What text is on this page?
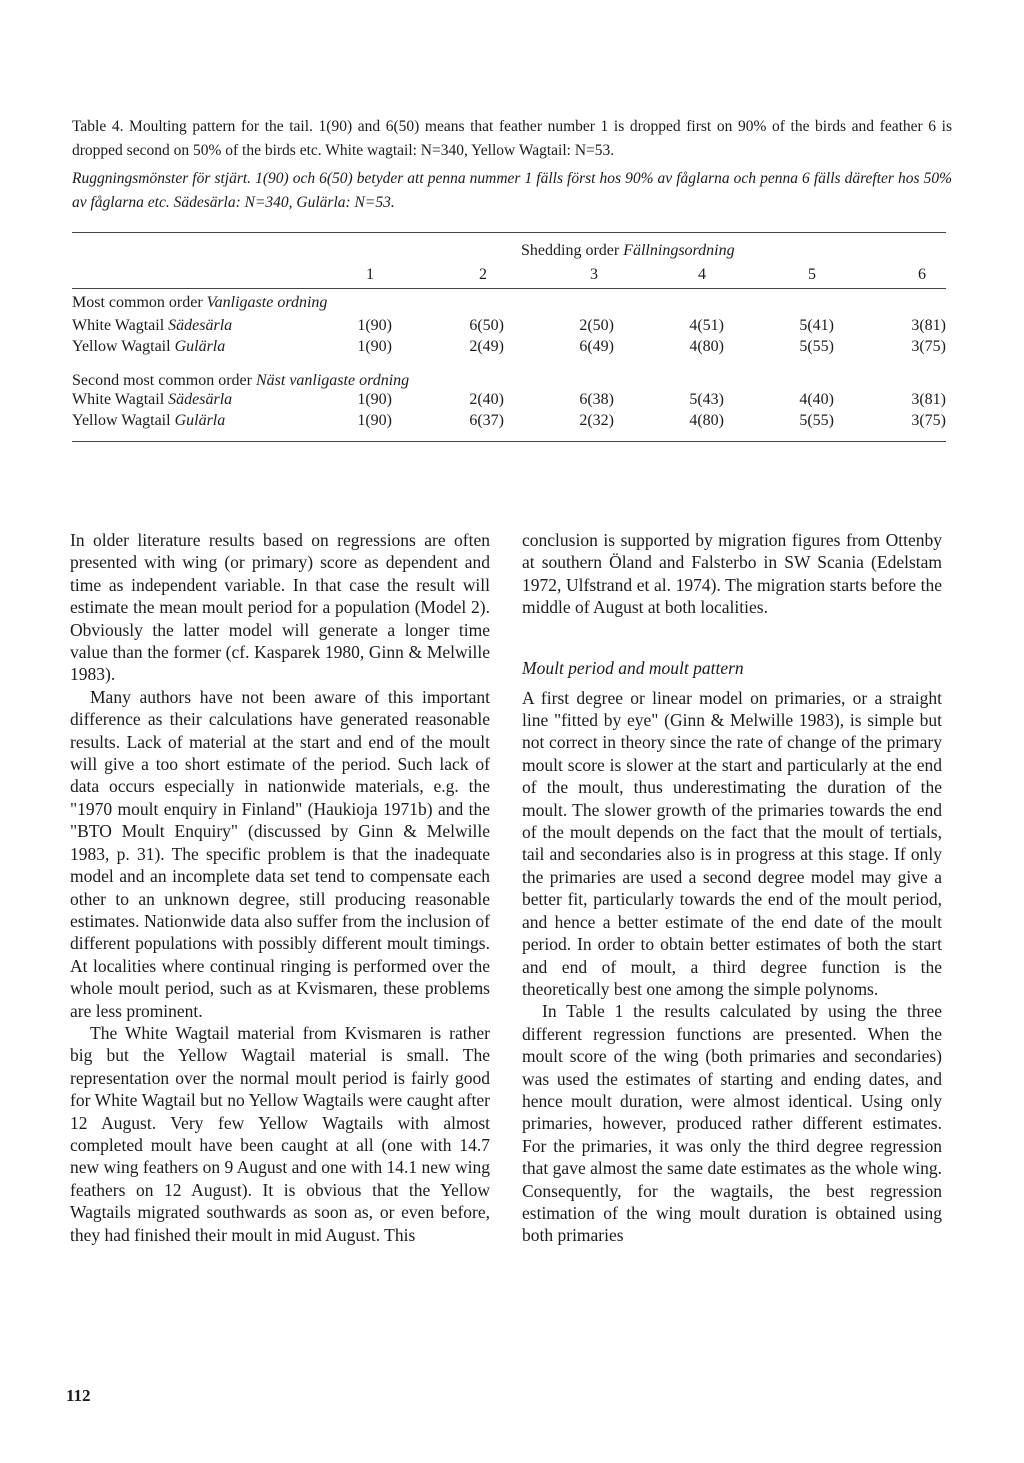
Table 4. Moulting pattern for the tail. 1(90) and 6(50) means that feather number 1 is dropped first on 90% of the birds and feather 6 is dropped second on 50% of the birds etc. White wagtail: N=340, Yellow Wagtail: N=53.

Ruggningsmönster för stjärt. 1(90) och 6(50) betyder att penna nummer 1 fälls först hos 90% av fåglarna och penna 6 fälls därefter hos 50% av fåglarna etc. Sädesärla: N=340, Gulärla: N=53.

Shedding order Fällningsordning
1	2	3	4	5	6
Most common order Vanligaste ordning
White Wagtail Sädesärla	1(90)	6(50)	2(50)	4(51)	5(41)	3(81)
Yellow Wagtail Gulärla	1(90)	2(49)	6(49)	4(80)	5(55)	3(75)
Second most common order Näst vanligaste ordning
White Wagtail Sädesärla	1(90)	2(40)	6(38)	5(43)	4(40)	3(81)
Yellow Wagtail Gulärla	1(90)	6(37)	2(32)	4(80)	5(55)	3(75)

In older literature results based on regressions are often presented with wing (or primary) score as dependent and time as independent variable. In that case the result will estimate the mean moult period for a population (Model 2). Obviously the latter model will generate a longer time value than the former (cf. Kasparek 1980, Ginn & Melwille 1983).

Many authors have not been aware of this important difference as their calculations have generated reasonable results. Lack of material at the start and end of the moult will give a too short estimate of the period. Such lack of data occurs especially in nationwide materials, e.g. the "1970 moult enquiry in Finland" (Haukioja 1971b) and the "BTO Moult Enquiry" (discussed by Ginn & Melwille 1983, p. 31). The specific problem is that the inadequate model and an incomplete data set tend to compensate each other to an unknown degree, still producing reasonable estimates. Nationwide data also suffer from the inclusion of different populations with possibly different moult timings. At localities where continual ringing is performed over the whole moult period, such as at Kvismaren, these problems are less prominent.

The White Wagtail material from Kvismaren is rather big but the Yellow Wagtail material is small. The representation over the normal moult period is fairly good for White Wagtail but no Yellow Wagtails were caught after 12 August. Very few Yellow Wagtails with almost completed moult have been caught at all (one with 14.7 new wing feathers on 9 August and one with 14.1 new wing feathers on 12 August). It is obvious that the Yellow Wagtails migrated southwards as soon as, or even before, they had finished their moult in mid August. This

conclusion is supported by migration figures from Ottenby at southern Öland and Falsterbo in SW Scania (Edelstam 1972, Ulfstrand et al. 1974). The migration starts before the middle of August at both localities.

Moult period and moult pattern

A first degree or linear model on primaries, or a straight line "fitted by eye" (Ginn & Melwille 1983), is simple but not correct in theory since the rate of change of the primary moult score is slower at the start and particularly at the end of the moult, thus underestimating the duration of the moult. The slower growth of the primaries towards the end of the moult depends on the fact that the moult of tertials, tail and secondaries also is in progress at this stage. If only the primaries are used a second degree model may give a better fit, particularly towards the end of the moult period, and hence a better estimate of the end date of the moult period. In order to obtain better estimates of both the start and end of moult, a third degree function is the theoretically best one among the simple polynoms.

In Table 1 the results calculated by using the three different regression functions are presented. When the moult score of the wing (both primaries and secondaries) was used the estimates of starting and ending dates, and hence moult duration, were almost identical. Using only primaries, however, produced rather different estimates. For the primaries, it was only the third degree regression that gave almost the same date estimates as the whole wing. Consequently, for the wagtails, the best regression estimation of the wing moult duration is obtained using both primaries

112
